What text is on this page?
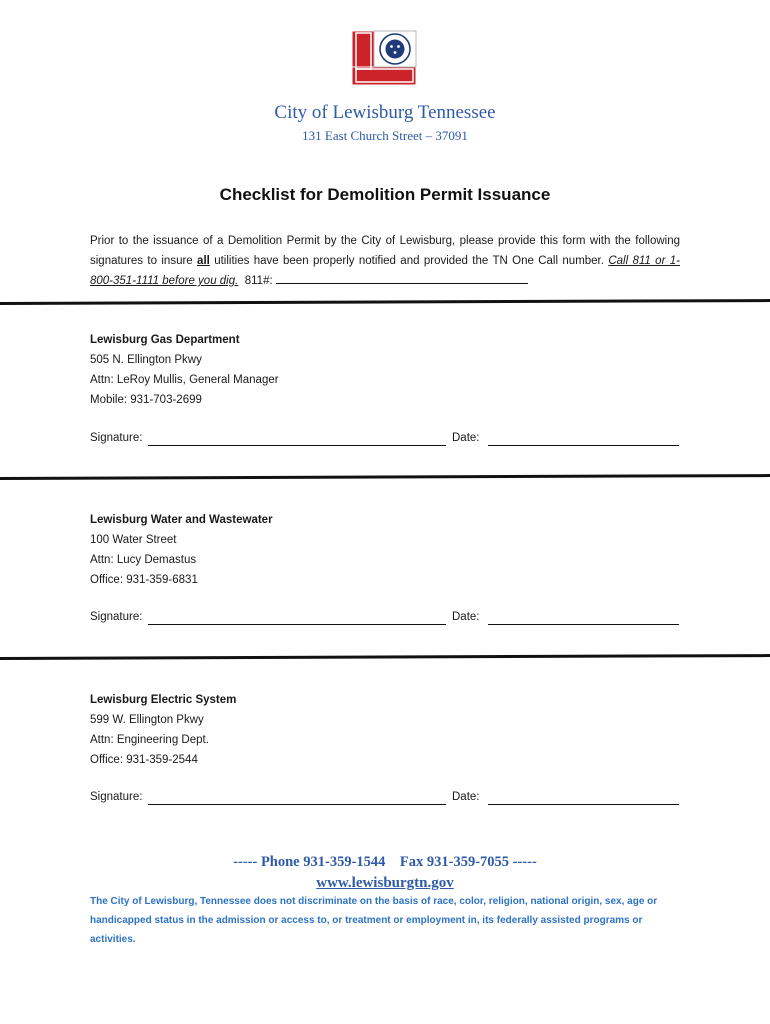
City of Lewisburg Tennessee
131 East Church Street – 37091
Checklist for Demolition Permit Issuance
Prior to the issuance of a Demolition Permit by the City of Lewisburg, please provide this form with the following signatures to insure all utilities have been properly notified and provided the TN One Call number. Call 811 or 1-800-351-1111 before you dig. 811#:
Lewisburg Gas Department
505 N. Ellington Pkwy
Attn: LeRoy Mullis, General Manager
Mobile: 931-703-2699
Signature:	Date:
Lewisburg Water and Wastewater
100 Water Street
Attn: Lucy Demastus
Office: 931-359-6831
Signature:	Date:
Lewisburg Electric System
599 W. Ellington Pkwy
Attn: Engineering Dept.
Office: 931-359-2544
Signature:	Date:
----- Phone 931-359-1544    Fax 931-359-7055 -----
www.lewisburgtn.gov
The City of Lewisburg, Tennessee does not discriminate on the basis of race, color, religion, national origin, sex, age or handicapped status in the admission or access to, or treatment or employment in, its federally assisted programs or activities.
